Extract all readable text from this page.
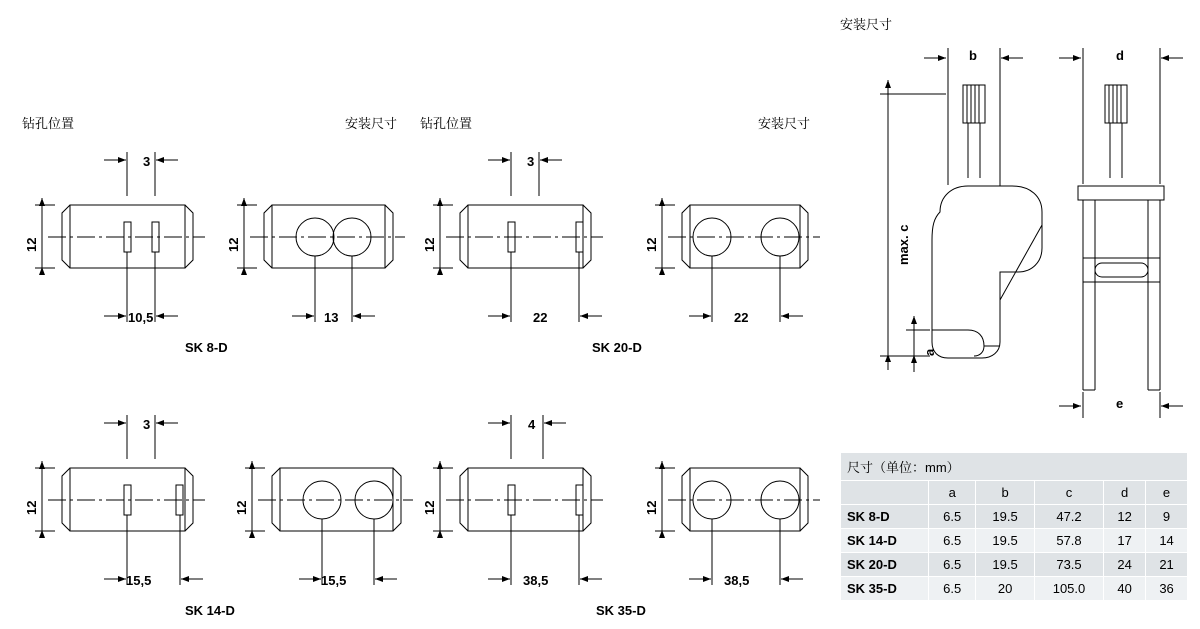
安装尺寸
钻孔位置	安装尺寸
3
12
10,5
12
13
SK 8-D
钻孔位置	安装尺寸
3
12
22
12
22
SK 20-D
3
12
15,5
12
15,5
SK 14-D
4
12
38,5
12
38,5
SK 35-D
b	d
max. c
a
e
尺寸（单位：mm）					
	a	b	c	d	e
SK 8-D	6.5	19.5	47.2	12	9
SK 14-D	6.5	19.5	57.8	17	14
SK 20-D	6.5	19.5	73.5	24	21
SK 35-D	6.5	20	105.0	40	36
